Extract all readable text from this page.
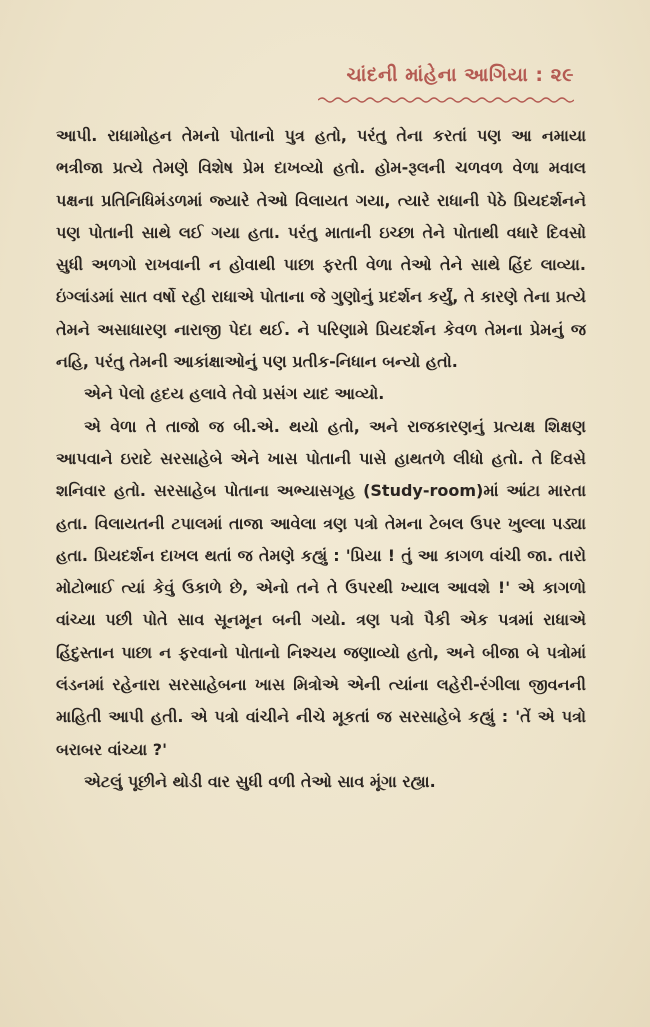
ચાંદની માંહેના આગિયા : ૨૯

આપી. રાધામોહન તેમનો પોતાનો પુત્ર હતો, પરંતુ તેના કરતાં પણ આ નમાયા ભત્રીજા પ્રત્યે તેમણે વિશેષ પ્રેમ દાખવ્યો હતો. હોમ-રૂલની ચળવળ વેળા મવાલ પક્ષના પ્રતિનિધિમંડળમાં જ્યારે તેઓ વિલાયત ગયા, ત્યારે રાધાની પેઠે પ્રિયદર્શનને પણ પોતાની સાથે લઈ ગયા હતા. પરંતુ માતાની ઇચ્છા તેને પોતાથી વધારે દિવસો સુધી અળગો રાખવાની ન હોવાથી પાછા ફરતી વેળા તેઓ તેને સાથે હિંદ લાવ્યા. ઇંગ્લાંડમાં સાત વર્ષો રહી રાધાએ પોતાના જે ગુણોનું પ્રદર્શન કર્યું, તે કારણે તેના પ્રત્યે તેમને અસાધારણ નારાજી પેદા થઈ. ને પરિણામે પ્રિયદર્શન કેવળ તેમના પ્રેમનું જ નહિ, પરંતુ તેમની આકાંક્ષાઓનું પણ પ્રતીક-નિધાન બન્યો હતો.

એને પેલો હૃદય હલાવે તેવો પ્રસંગ યાદ આવ્યો.

એ વેળા તે તાજો જ બી.એ. થયો હતો, અને રાજકારણનું પ્રત્યક્ષ શિક્ષણ આપવાને ઇરાદે સરસાહેબે એને ખાસ પોતાની પાસે હાથતળે લીધો હતો. તે દિવસે શનિવાર હતો. સરસાહેબ પોતાના અભ્યાસગૃહ (Study-room)માં આંટા મારતા હતા. વિલાયતની ટપાલમાં તાજા આવેલા ત્રણ પત્રો તેમના ટેબલ ઉપર ખુલ્લા પડ્યા હતા. પ્રિયદર્શન દાખલ થતાં જ તેમણે કહ્યું : 'પ્રિયા ! તું આ કાગળ વાંચી જા. તારો મોટોભાઈ ત્યાં કેવું ઉકાળે છે, એનો તને તે ઉપરથી ખ્યાલ આવશે !' એ કાગળો વાંચ્યા પછી પોતે સાવ સૂનમૂન બની ગયો. ત્રણ પત્રો પૈકી એક પત્રમાં રાધાએ હિંદુસ્તાન પાછા ન ફરવાનો પોતાનો નિશ્ચય જણાવ્યો હતો, અને બીજા બે પત્રોમાં લંડનમાં રહેનારા સરસાહેબના ખાસ મિત્રોએ એની ત્યાંના લહેરી-રંગીલા જીવનની માહિતી આપી હતી. એ પત્રો વાંચીને નીચે મૂકતાં જ સરસાહેબે કહ્યું : 'તેં એ પત્રો બરાબર વાંચ્યા ?'

એટલું પૂછીને થોડી વાર સુધી વળી તેઓ સાવ મૂંગા રહ્યા.
